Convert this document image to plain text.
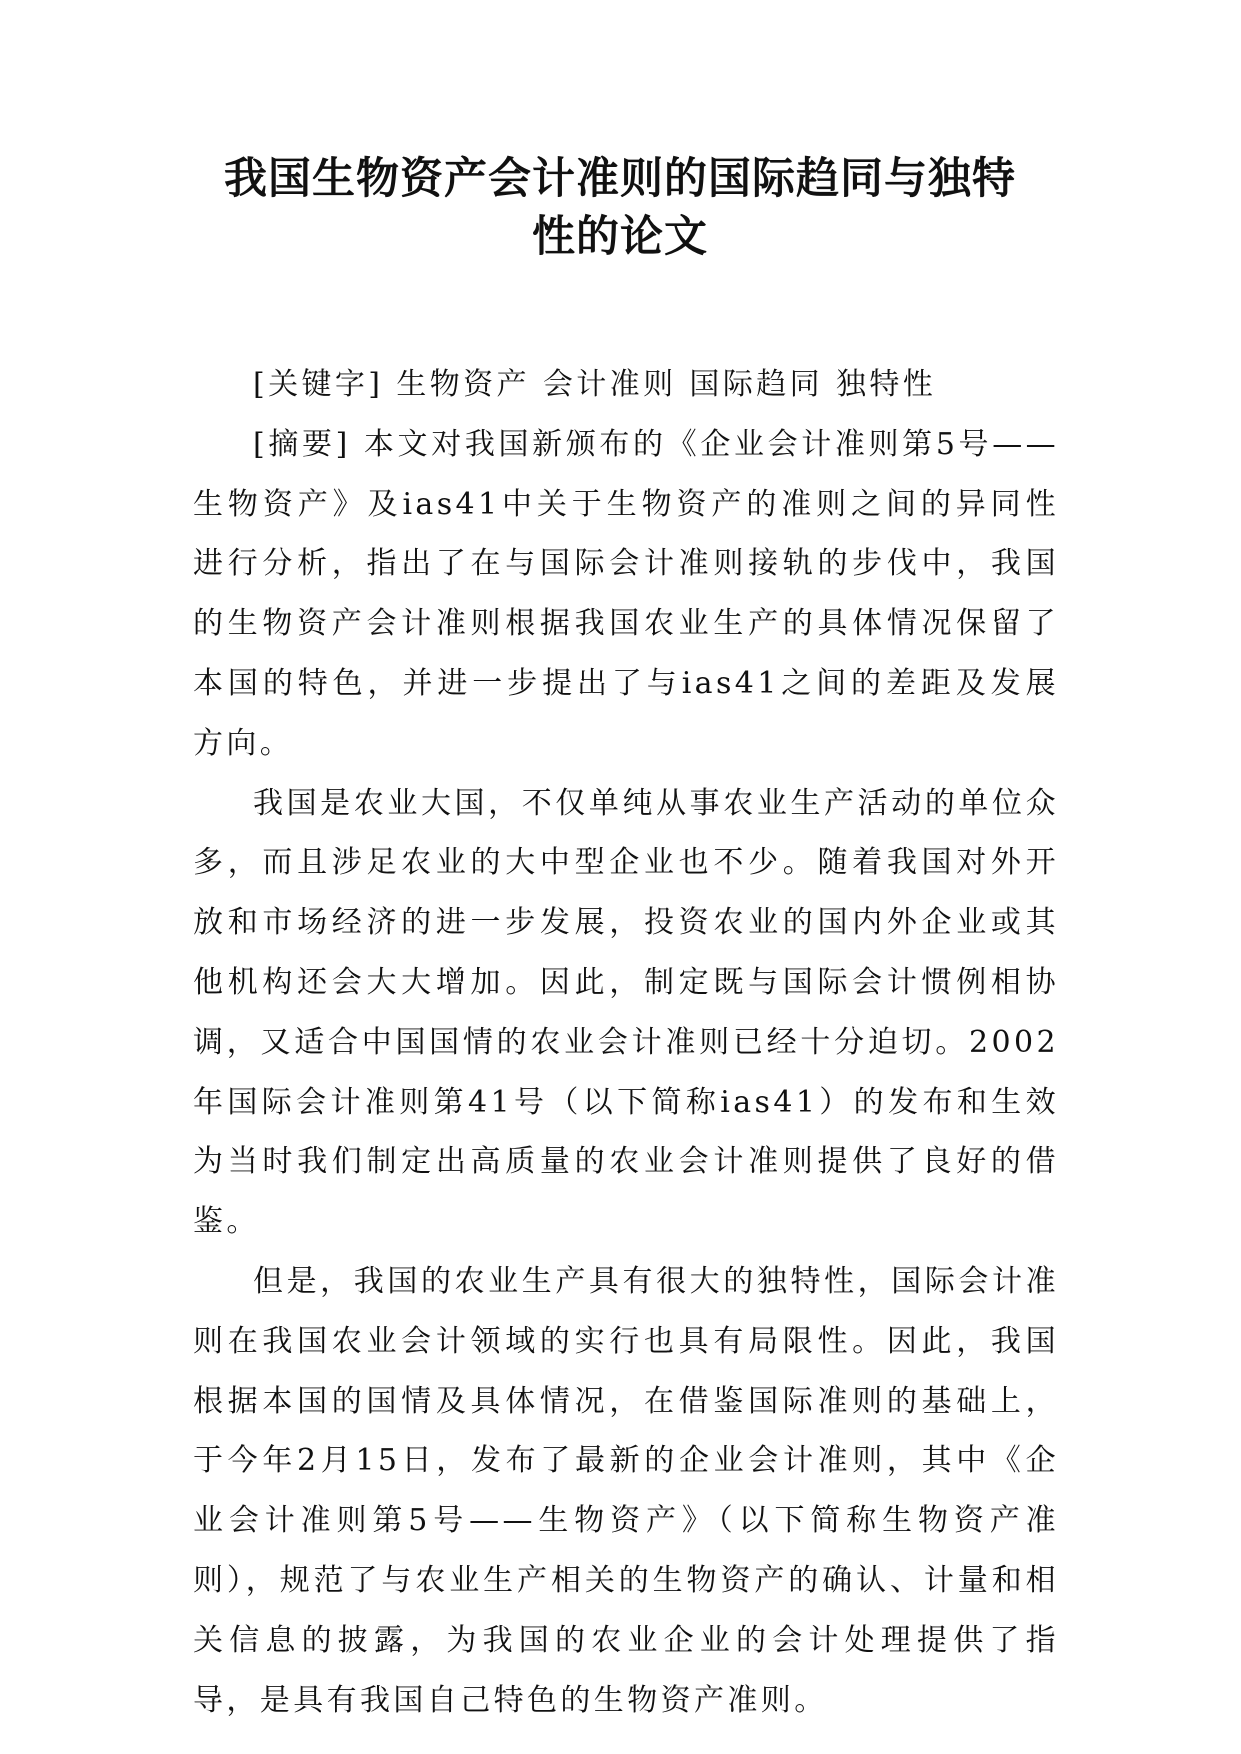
我国生物资产会计准则的国际趋同与独特
性的论文

[关键字] 生物资产 会计准则 国际趋同 独特性

[摘要] 本文对我国新颁布的《企业会计准则第5号——生物资产》及ias41中关于生物资产的准则之间的异同性进行分析，指出了在与国际会计准则接轨的步伐中，我国的生物资产会计准则根据我国农业生产的具体情况保留了本国的特色，并进一步提出了与ias41之间的差距及发展方向。

我国是农业大国，不仅单纯从事农业生产活动的单位众多，而且涉足农业的大中型企业也不少。随着我国对外开放和市场经济的进一步发展，投资农业的国内外企业或其他机构还会大大增加。因此，制定既与国际会计惯例相协调，又适合中国国情的农业会计准则已经十分迫切。2002年国际会计准则第41号（以下简称ias41）的发布和生效为当时我们制定出高质量的农业会计准则提供了良好的借鉴。

但是，我国的农业生产具有很大的独特性，国际会计准则在我国农业会计领域的实行也具有局限性。因此，我国根据本国的国情及具体情况，在借鉴国际准则的基础上，于今年2月15日，发布了最新的企业会计准则，其中《企业会计准则第5号——生物资产》（以下简称生物资产准则），规范了与农业生产相关的生物资产的确认、计量和相关信息的披露，为我国的农业企业的会计处理提供了指导，是具有我国自己特色的生物资产准则。
